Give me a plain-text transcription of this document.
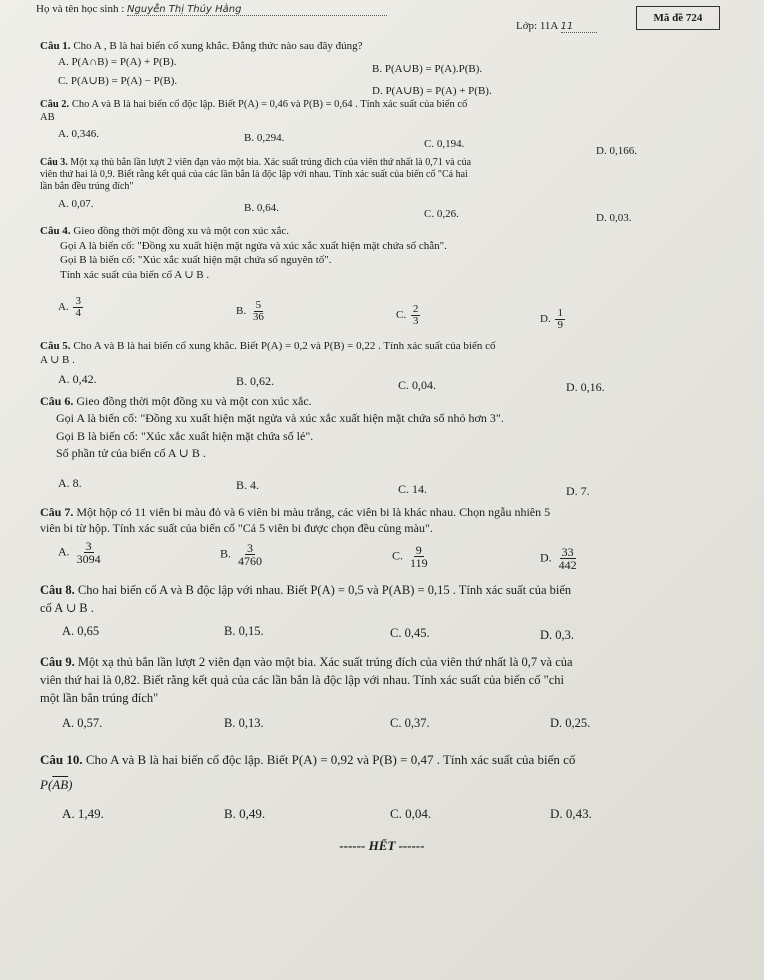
Họ và tên học sinh : Nguyễn Thị Thúy Hằng
Lớp: 11A 11
Mã đề 724
Câu 1. Cho A , B là hai biến cố xung khắc. Đẳng thức nào sau đây đúng?
A. P(A∩B) = P(A) + P(B).
B. P(A∪B) = P(A).P(B).
C. P(A∪B) = P(A) − P(B).
D. P(A∪B) = P(A) + P(B).
Câu 2. Cho A và B là hai biến cố độc lập. Biết P(A) = 0,46 và P(B) = 0,64 . Tính xác suất của biến cố
AB
A. 0,346.	B. 0,294.	C. 0,194.
D. 0,166.
Câu 3. Một xạ thủ bắn lần lượt 2 viên đạn vào một bia. Xác suất trúng đích của viên thứ nhất là 0,71 và của
viên thứ hai là 0,9. Biết rằng kết quả của các lần bắn là độc lập với nhau. Tính xác suất của biến cố "Cả hai
lần bắn đều trúng đích"
A. 0,07.	B. 0,64.	C. 0,26.	D. 0,03.
Câu 4. Gieo đồng thời một đồng xu và một con xúc xắc.
Gọi A là biến cố: "Đồng xu xuất hiện mặt ngửa và xúc xắc xuất hiện mặt chứa số chẵn".
Gọi B là biến cố: "Xúc xắc xuất hiện mặt chứa số nguyên tố".
Tính xác suất của biến cố A ∪ B .
A. $\frac{3}{4}$	B. $\frac{5}{36}$	C. $\frac{2}{3}$	D. $\frac{1}{9}$
Câu 5. Cho A và B là hai biến cố xung khắc. Biết P(A) = 0,2 và P(B) = 0,22 . Tính xác suất của biến cố
A ∪ B .
A. 0,42.	B. 0,62.	C. 0,04.	D. 0,16.
Câu 6. Gieo đồng thời một đồng xu và một con xúc xắc.
Gọi A là biến cố: "Đồng xu xuất hiện mặt ngửa và xúc xắc xuất hiện mặt chứa số nhỏ hơn 3".
Gọi B là biến cố: "Xúc xắc xuất hiện mặt chứa số lẻ".
Số phần tử của biến cố A ∪ B .
A. 8.	B. 4.	C. 14.	D. 7.
Câu 7. Một hộp có 11 viên bi màu đỏ và 6 viên bi màu trắng, các viên bi là khác nhau. Chọn ngẫu nhiên 5
viên bi từ hộp. Tính xác suất của biến cố "Cả 5 viên bi được chọn đều cùng màu".
A. $\frac{3}{3094}$	B. $\frac{3}{4760}$	C. $\frac{9}{119}$	D. $\frac{33}{442}$
Câu 8. Cho hai biến cố A và B độc lập với nhau. Biết P(A) = 0,5 và P(AB) = 0,15 . Tính xác suất của biến
cố A ∪ B .
A. 0,65	B. 0,15.	C. 0,45.	D. 0,3.
Câu 9. Một xạ thủ bắn lần lượt 2 viên đạn vào một bia. Xác suất trúng đích của viên thứ nhất là 0,7 và của
viên thứ hai là 0,82. Biết rằng kết quả của các lần bắn là độc lập với nhau. Tính xác suất của biến cố "chỉ
một lần bắn trúng đích"
A. 0,57.	B. 0,13.	C. 0,37.	D. 0,25.
Câu 10. Cho A và B là hai biến cố độc lập. Biết P(A) = 0,92 và P(B) = 0,47 . Tính xác suất của biến cố
$P(\overline{AB})$
A. 1,49.	B. 0,49.	C. 0,04.	D. 0,43.
------ HẾT ------
